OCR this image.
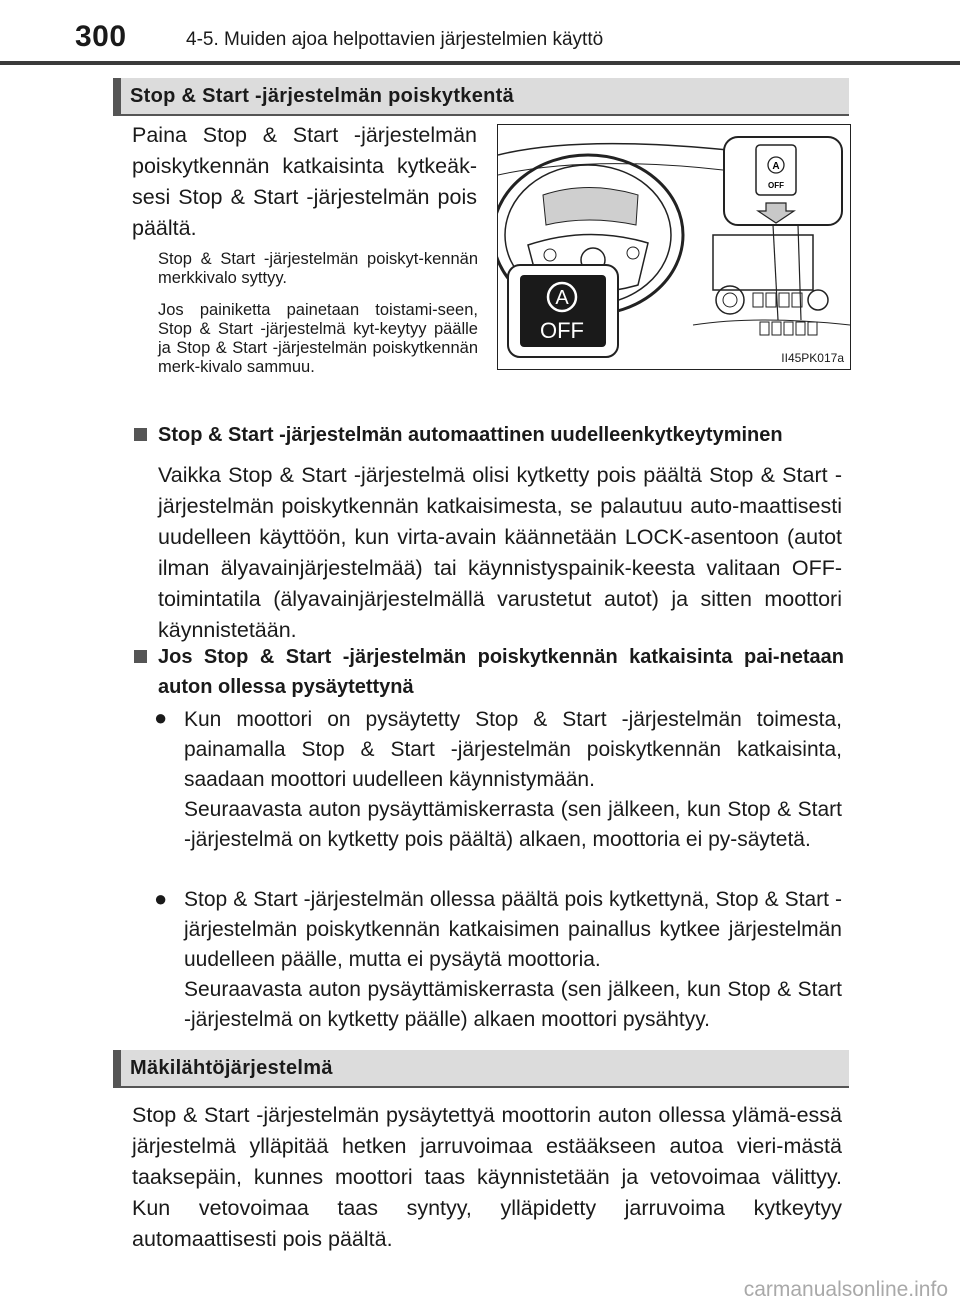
300	4-5. Muiden ajoa helpottavien järjestelmien käyttö
Stop & Start -järjestelmän poiskytkentä
Paina Stop & Start -järjestelmän
poiskytkennän katkaisinta kytkeäk-
sesi Stop & Start -järjestelmän pois
päältä.

Stop & Start -järjestelmän poiskyt-kennän merkkivalo syttyy.

Jos painiketta painetaan toistami-seen, Stop & Start -järjestelmä kyt-keytyy päälle ja Stop & Start -järjestelmän poiskytkennän merk-kivalo sammuu.

A
OFF
A
OFF
II45PK017a
Stop & Start -järjestelmän automaattinen uudelleenkytkeytyminen

Vaikka Stop & Start -järjestelmä olisi kytketty pois päältä Stop & Start -järjestelmän poiskytkennän katkaisimesta, se palautuu auto-maattisesti uudelleen käyttöön, kun virta-avain käännetään LOCK-asentoon (autot ilman älyavainjärjestelmää) tai käynnistyspainik-keesta valitaan OFF-toimintatila (älyavainjärjestelmällä varustetut autot) ja sitten moottori käynnistetään.

Jos Stop & Start -järjestelmän poiskytkennän katkaisinta pai-netaan auton ollessa pysäytettynä
● Kun moottori on pysäytetty Stop & Start -järjestelmän toimesta, painamalla Stop & Start -järjestelmän poiskytkennän katkaisinta, saadaan moottori uudelleen käynnistymään.

Seuraavasta auton pysäyttämiskerrasta (sen jälkeen, kun Stop & Start -järjestelmä on kytketty pois päältä) alkaen, moottoria ei py-säytetä.

● Stop & Start -järjestelmän ollessa päältä pois kytkettynä, Stop & Start -järjestelmän poiskytkennän katkaisimen painallus kytkee järjestelmän uudelleen päälle, mutta ei pysäytä moottoria.

Seuraavasta auton pysäyttämiskerrasta (sen jälkeen, kun Stop & Start -järjestelmä on kytketty päälle) alkaen moottori pysähtyy.

Mäkilähtöjärjestelmä

Stop & Start -järjestelmän pysäytettyä moottorin auton ollessa ylämä-essä järjestelmä ylläpitää hetken jarruvoimaa estääkseen autoa vieri-mästä taaksepäin, kunnes moottori taas käynnistetään ja vetovoimaa välittyy. Kun vetovoimaa taas syntyy, ylläpidetty jarruvoima kytkeytyy automaattisesti pois päältä.

carmanualsonline.info
